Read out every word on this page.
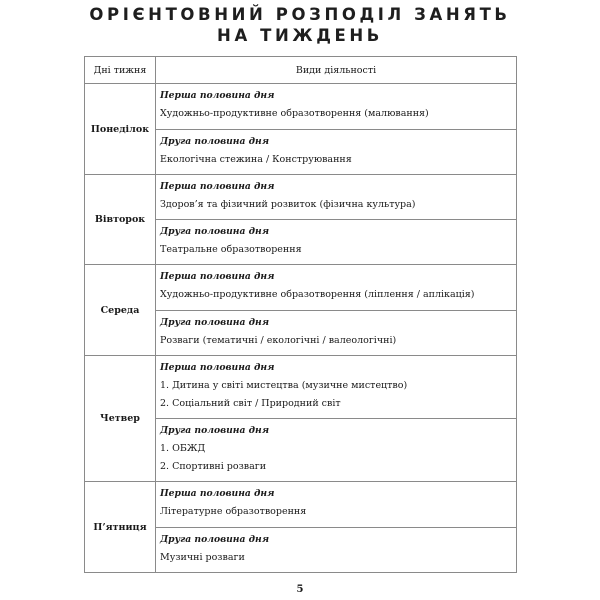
ОРІЄНТОВНИЙ РОЗПОДІЛ ЗАНЯТЬ
НА ТИЖДЕНЬ
Дні тижня	Види діяльності
Понеділок	Перша половина дня
Художньо-продуктивне образотворення (малювання)

	Друга половина дня
Екологічна стежина / Конструювання

Вівторок	Перша половина дня
Здоров’я та фізичний розвиток (фізична культура)

	Друга половина дня
Театральне образотворення

Середа	Перша половина дня
Художньо-продуктивне образотворення (ліплення / аплікація)

	Друга половина дня
Розваги (тематичні / екологічні / валеологічні)

Четвер	Перша половина дня
1. Дитина у світі мистецтва (музичне мистецтво)
2. Соціальний світ / Природний світ

	Друга половина дня
1. ОБЖД
2. Спортивні розваги

П’ятниця	Перша половина дня
Літературне образотворення

	Друга половина дня
Музичні розваги
5
